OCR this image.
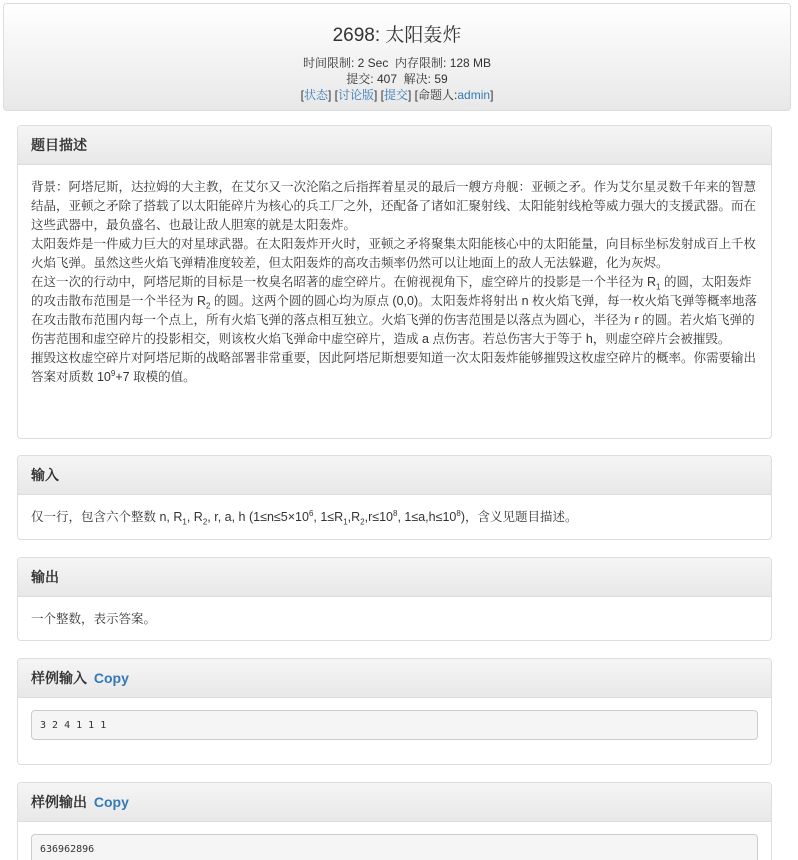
2698: 太阳轰炸
时间限制: 2 Sec 内存限制: 128 MB
提交: 407 解决: 59
[状态] [讨论版] [提交] [命题人:admin]
题目描述

背景：阿塔尼斯，达拉姆的大主教，在艾尔又一次沦陷之后指挥着星灵的最后一艘方舟舰：亚顿之矛。作为艾尔星灵数千年来的智慧结晶，亚顿之矛除了搭载了以太阳能碎片为核心的兵工厂之外，还配备了诸如汇聚射线、太阳能射线枪等威力强大的支援武器。而在这些武器中，最负盛名、也最让敌人胆寒的就是太阳轰炸。

太阳轰炸是一件威力巨大的对星球武器。在太阳轰炸开火时，亚顿之矛将聚集太阳能核心中的太阳能量，向目标坐标发射成百上千枚火焰飞弹。虽然这些火焰飞弹精准度较差，但太阳轰炸的高攻击频率仍然可以让地面上的敌人无法躲避，化为灰烬。

在这一次的行动中，阿塔尼斯的目标是一枚臭名昭著的虚空碎片。在俯视视角下，虚空碎片的投影是一个半径为 $R_1$ 的圆，太阳轰炸的攻击散布范围是一个半径为 $R_2$ 的圆。这两个圆的圆心均为原点 (0,0)。太阳轰炸将射出 n 枚火焰飞弹，每一枚火焰飞弹等概率地落在攻击散布范围内每一个点上，所有火焰飞弹的落点相互独立。火焰飞弹的伤害范围是以落点为圆心，半径为 r 的圆。若火焰飞弹的伤害范围和虚空碎片的投影相交，则该枚火焰飞弹命中虚空碎片，造成 a 点伤害。若总伤害大于等于 h，则虚空碎片会被摧毁。

摧毁这枚虚空碎片对阿塔尼斯的战略部署非常重要，因此阿塔尼斯想要知道一次太阳轰炸能够摧毁这枚虚空碎片的概率。你需要输出答案对质数 $10^9+7$ 取模的值。

输入

仅一行，包含六个整数 n, $R_1$, $R_2$, r, a, h ($1\le n\le 5\times 10^6$, $1\le R_1,R_2,r\le 10^8$, $1\le a,h\le 10^8$)，含义见题目描述。

输出

一个整数，表示答案。

样例输入 Copy
3 2 4 1 1 1
样例输出 Copy
636962896
